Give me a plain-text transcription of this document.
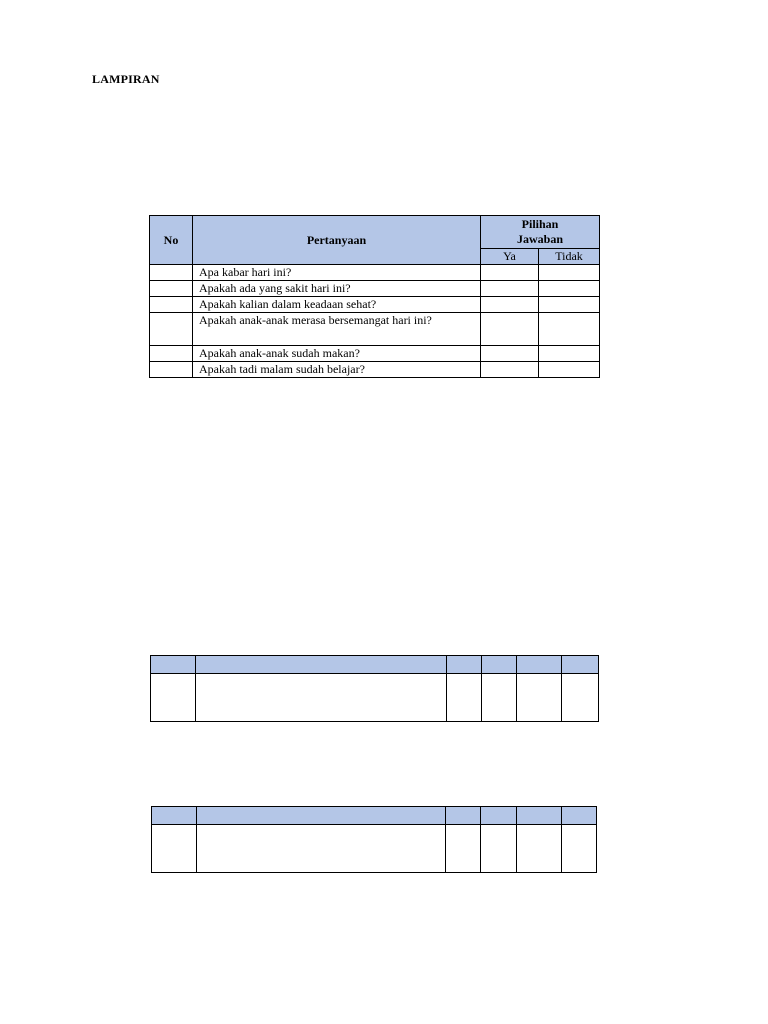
LAMPIRAN
No	Pertanyaan	Pilihan Jawaban	
		Ya	Tidak
	Apa kabar hari ini?		
	Apakah ada yang sakit hari ini?		
	Apakah kalian dalam keadaan sehat?		
	Apakah anak-anak merasa bersemangat hari ini?		
	Apakah anak-anak sudah makan?		
	Apakah tadi malam sudah belajar?		
